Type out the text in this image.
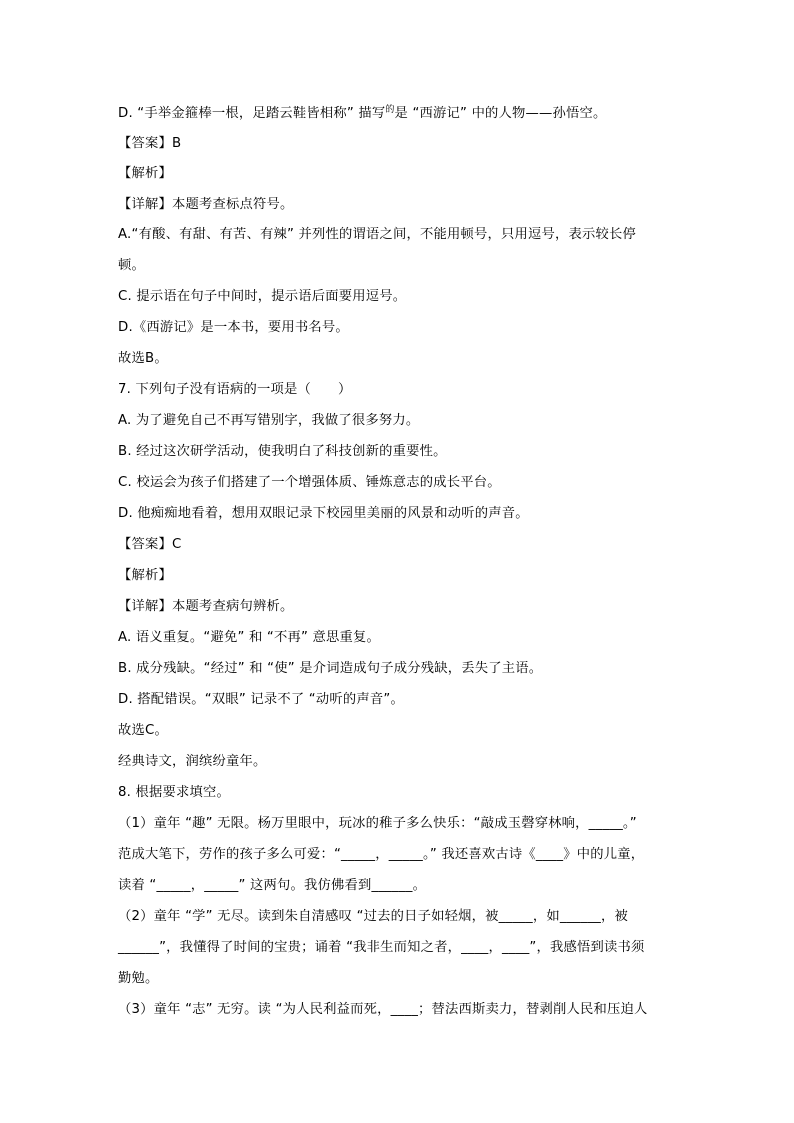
D. “手举金箍棒一根，足踏云鞋皆相称” 描写$^的$是 “西游记” 中的人物——孙悟空。
【答案】B
【解析】
【详解】本题考查标点符号。
A.“有酸、有甜、有苦、有辣” 并列性的谓语之间，不能用顿号，只用逗号，表示较长停
顿。
C. 提示语在句子中间时，提示语后面要用逗号。
D.《西游记》是一本书，要用书名号。
故选B。
7. 下列句子没有语病的一项是（　　）
A. 为了避免自己不再写错别字，我做了很多努力。
B. 经过这次研学活动，使我明白了科技创新的重要性。
C. 校运会为孩子们搭建了一个增强体质、锤炼意志的成长平台。
D. 他痴痴地看着，想用双眼记录下校园里美丽的风景和动听的声音。
【答案】C
【解析】
【详解】本题考查病句辨析。
A. 语义重复。“避免” 和 “不再” 意思重复。
B. 成分残缺。“经过” 和 “使” 是介词造成句子成分残缺，丢失了主语。
D. 搭配错误。“双眼” 记录不了 “动听的声音”。
故选C。
经典诗文，润缤纷童年。
8. 根据要求填空。
（1）童年 “趣” 无限。杨万里眼中，玩冰的稚子多么快乐：“敲成玉磬穿林响，_____。”
范成大笔下，劳作的孩子多么可爱：“_____，_____。” 我还喜欢古诗《____》中的儿童，
读着 “_____，_____” 这两句。我仿佛看到______。
（2）童年 “学” 无尽。读到朱自清感叹 “过去的日子如轻烟，被_____，如______，被
______”，我懂得了时间的宝贵；诵着 “我非生而知之者，____，____”，我感悟到读书须
勤勉。
（3）童年 “志” 无穷。读 “为人民利益而死，____；替法西斯卖力，替剥削人民和压迫人
